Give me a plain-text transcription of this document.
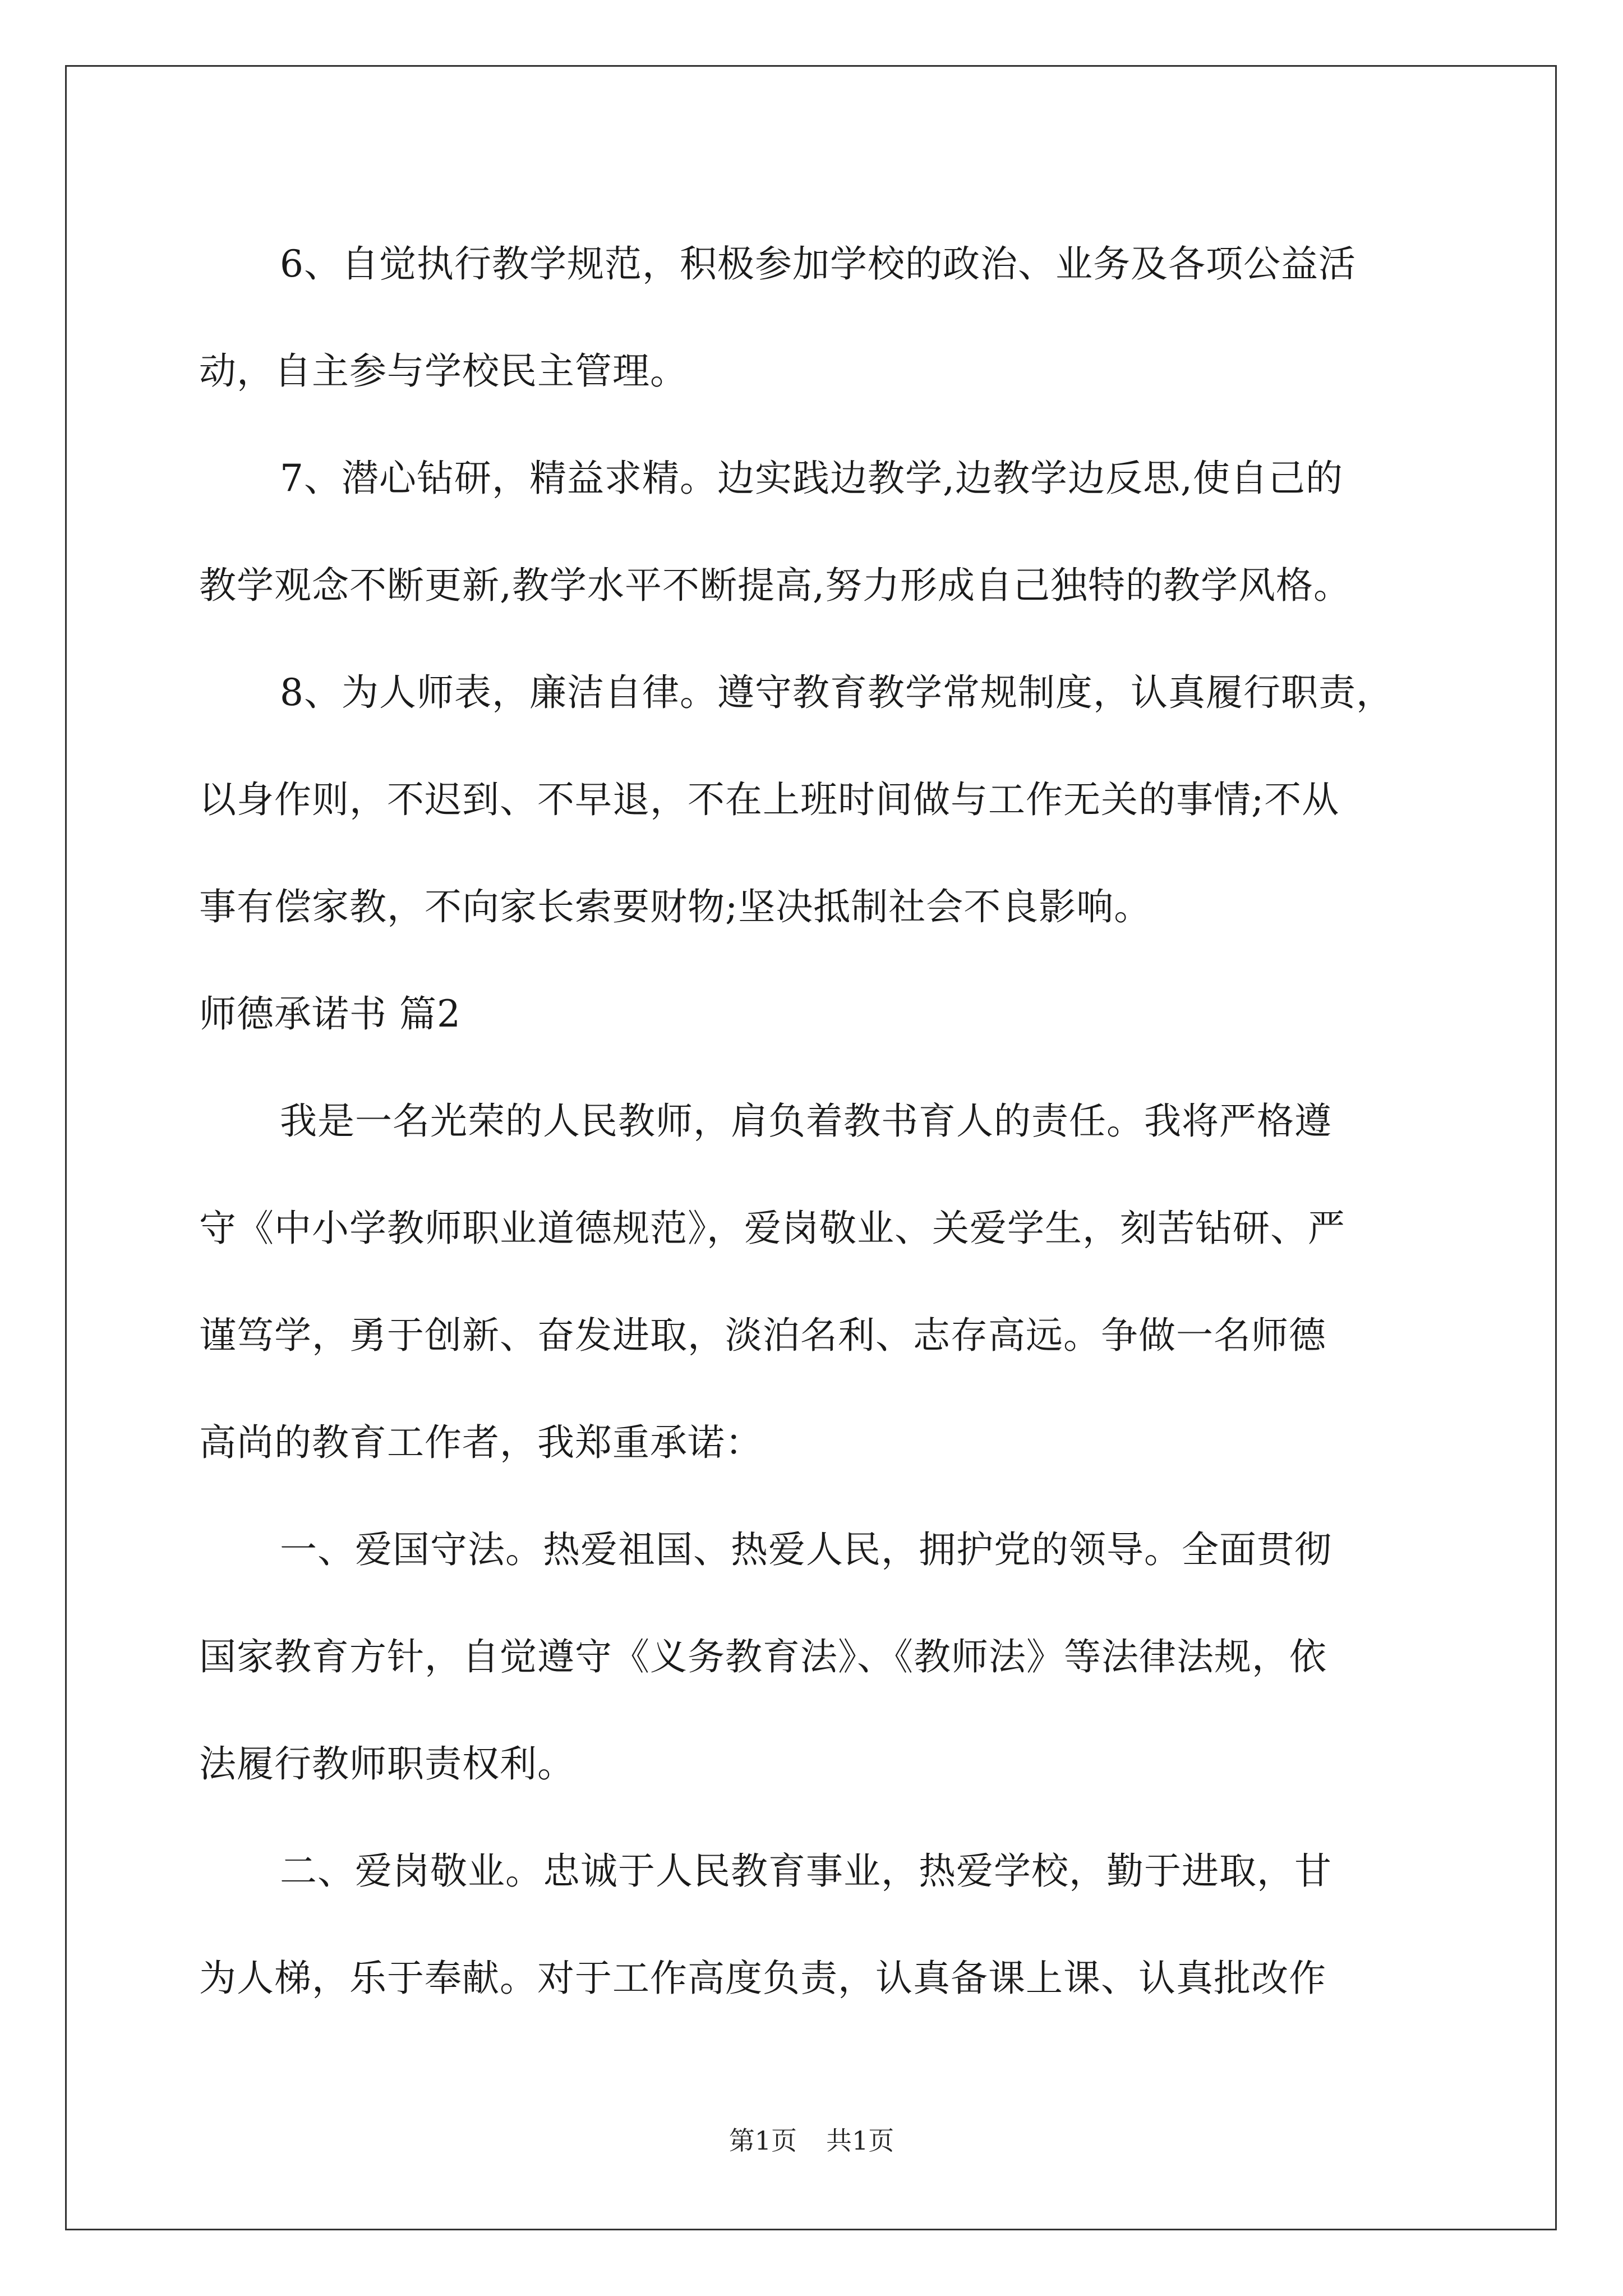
6、自觉执行教学规范，积极参加学校的政治、业务及各项公益活
动，自主参与学校民主管理。
7、潜心钻研，精益求精。边实践边教学,边教学边反思,使自己的
教学观念不断更新,教学水平不断提高,努力形成自己独特的教学风格。
8、为人师表，廉洁自律。遵守教育教学常规制度，认真履行职责，
以身作则，不迟到、不早退，不在上班时间做与工作无关的事情;不从
事有偿家教，不向家长索要财物;坚决抵制社会不良影响。
师德承诺书 篇2
我是一名光荣的人民教师，肩负着教书育人的责任。我将严格遵
守《中小学教师职业道德规范》，爱岗敬业、关爱学生，刻苦钻研、严
谨笃学，勇于创新、奋发进取，淡泊名利、志存高远。争做一名师德
高尚的教育工作者，我郑重承诺：
一、爱国守法。热爱祖国、热爱人民，拥护党的领导。全面贯彻
国家教育方针，自觉遵守《义务教育法》、《教师法》等法律法规，依
法履行教师职责权利。
二、爱岗敬业。忠诚于人民教育事业，热爱学校，勤于进取，甘
为人梯，乐于奉献。对于工作高度负责，认真备课上课、认真批改作
第1页 共1页
